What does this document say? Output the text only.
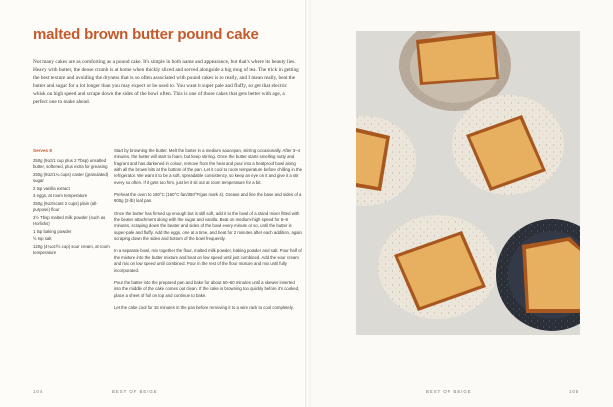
malted brown butter pound cake

Not many cakes are as comforting as a pound cake. It's simple in both name and appearance, but that's where its beauty lies. Heavy with butter, the dense crumb is at home when thickly sliced and served alongside a big mug of tea. The trick in getting the best texture and avoiding the dryness that is so often associated with pound cakes is to really, and I mean really, beat the butter and sugar for a lot longer than you may expect or be used to. You want it super pale and fluffy, so get that electric whisk on high speed and scrape down the sides of the bowl often. This is one of those cakes that gets better with age, a perfect one to make ahead.

Serves 8
250g (9oz/1 cup plus 2 Tbsp) unsalted butter, softened, plus extra for greasing
250g (9oz/1¼ cups) caster (granulated) sugar
2 tsp vanilla extract
3 eggs, at room temperature
250g (9oz/scant 2 cups) plain (all-purpose) flour
2½ Tbsp malted milk powder (such as Horlicks)
1 tsp baking powder
½ tsp salt
120g (4¼oz/½ cup) sour cream, at room temperature

Start by browning the butter. Melt the butter in a medium saucepan, stirring occasionally. After 3–4 minutes, the butter will start to foam, but keep stirring. Once the butter starts smelling nutty and fragrant and has darkened in colour, remove from the heat and pour into a heatproof bowl along with all the brown bits at the bottom of the pan. Let it cool to room temperature before chilling in the refrigerator. We want it to be a soft, spreadable consistency, so keep an eye on it and give it a stir every so often. If it gets too firm, just let it sit out at room temperature for a bit.

Preheat the oven to 180°C (160°C fan/350°F/gas mark 4). Grease and line the base and sides of a 900g (2-lb) loaf pan.

Once the butter has firmed up enough but is still soft, add it to the bowl of a stand mixer fitted with the beater attachment along with the sugar and vanilla. Beat on medium-high speed for 6–8 minutes, scraping down the beater and sides of the bowl every minute or so, until the butter is super-pale and fluffy. Add the eggs, one at a time, and beat for 2 minutes after each addition, again scraping down the sides and bottom of the bowl frequently.

In a separate bowl, mix together the flour, malted milk powder, baking powder and salt. Pour half of the mixture into the butter mixture and beat on low speed until just combined. Add the sour cream and mix on low speed until combined. Pour in the rest of the flour mixture and mix until fully incorporated.

Pour the batter into the prepared pan and bake for about 50–60 minutes until a skewer inserted into the middle of the cake comes out clean. If the cake is browning too quickly before it's cooked, place a sheet of foil on top and continue to bake.

Let the cake cool for 15 minutes in the pan before removing it to a wire rack to cool completely.

104	BEST OF BEIGE	BEST OF BEIGE	105
